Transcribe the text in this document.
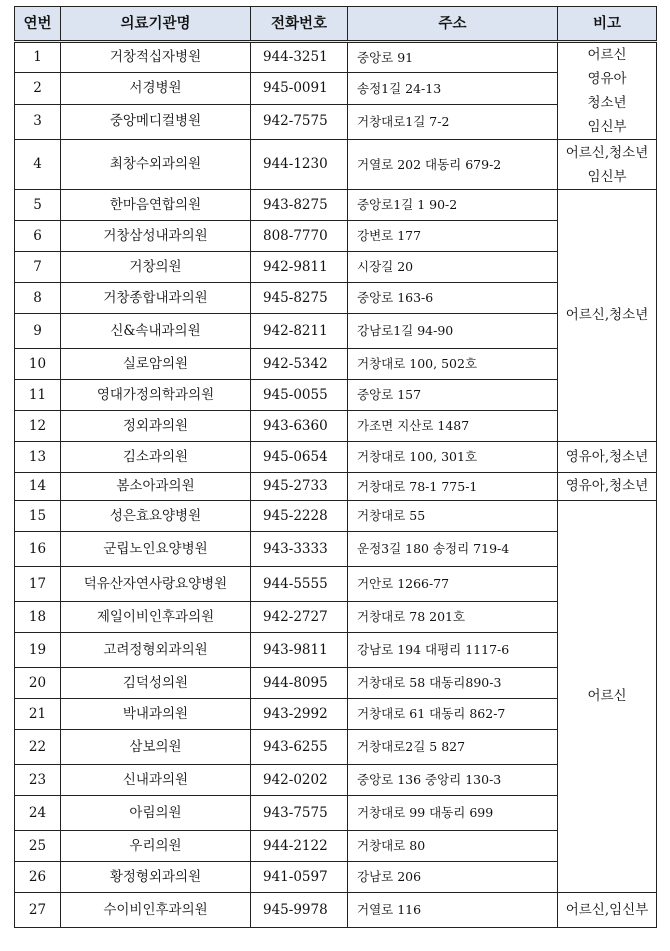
연번	의료기관명	전화번호	주소	비고
1	거창적십자병원	944-3251	중앙로 91	어르신
영유아
청소년
임신부

2	서경병원	945-0091	송정1길 24-13	
3	중앙메디컬병원	942-7575	거창대로1길 7-2	
4	최창수외과의원	944-1230	거열로 202 대동리 679-2	어르신,청소년
임신부

5	한마음연합의원	943-8275	중앙로1길 1 90-2	어르신,청소년
6	거창삼성내과의원	808-7770	강변로 177	
7	거창의원	942-9811	시장길 20	
8	거창종합내과의원	945-8275	중앙로 163-6	
9	신&속내과의원	942-8211	강남로1길 94-90	
10	실로암의원	942-5342	거창대로 100, 502호	
11	영대가정의학과의원	945-0055	중앙로 157	
12	정외과의원	943-6360	가조면 지산로 1487	
13	김소과의원	945-0654	거창대로 100, 301호	영유아,청소년
14	봄소아과의원	945-2733	거창대로 78-1 775-1	영유아,청소년
15	성은효요양병원	945-2228	거창대로 55	어르신
16	군립노인요양병원	943-3333	운정3길 180 송정리 719-4	
17	덕유산자연사랑요양병원	944-5555	거안로 1266-77	
18	제일이비인후과의원	942-2727	거창대로 78 201호	
19	고려정형외과의원	943-9811	강남로 194 대평리 1117-6	
20	김덕성의원	944-8095	거창대로 58 대동리890-3	
21	박내과의원	943-2992	거창대로 61 대동리 862-7	
22	삼보의원	943-6255	거창대로2길 5 827	
23	신내과의원	942-0202	중앙로 136 중앙리 130-3	
24	아림의원	943-7575	거창대로 99 대동리 699	
25	우리의원	944-2122	거창대로 80	
26	황정형외과의원	941-0597	강남로 206	
27	수이비인후과의원	945-9978	거열로 116	어르신,임신부
